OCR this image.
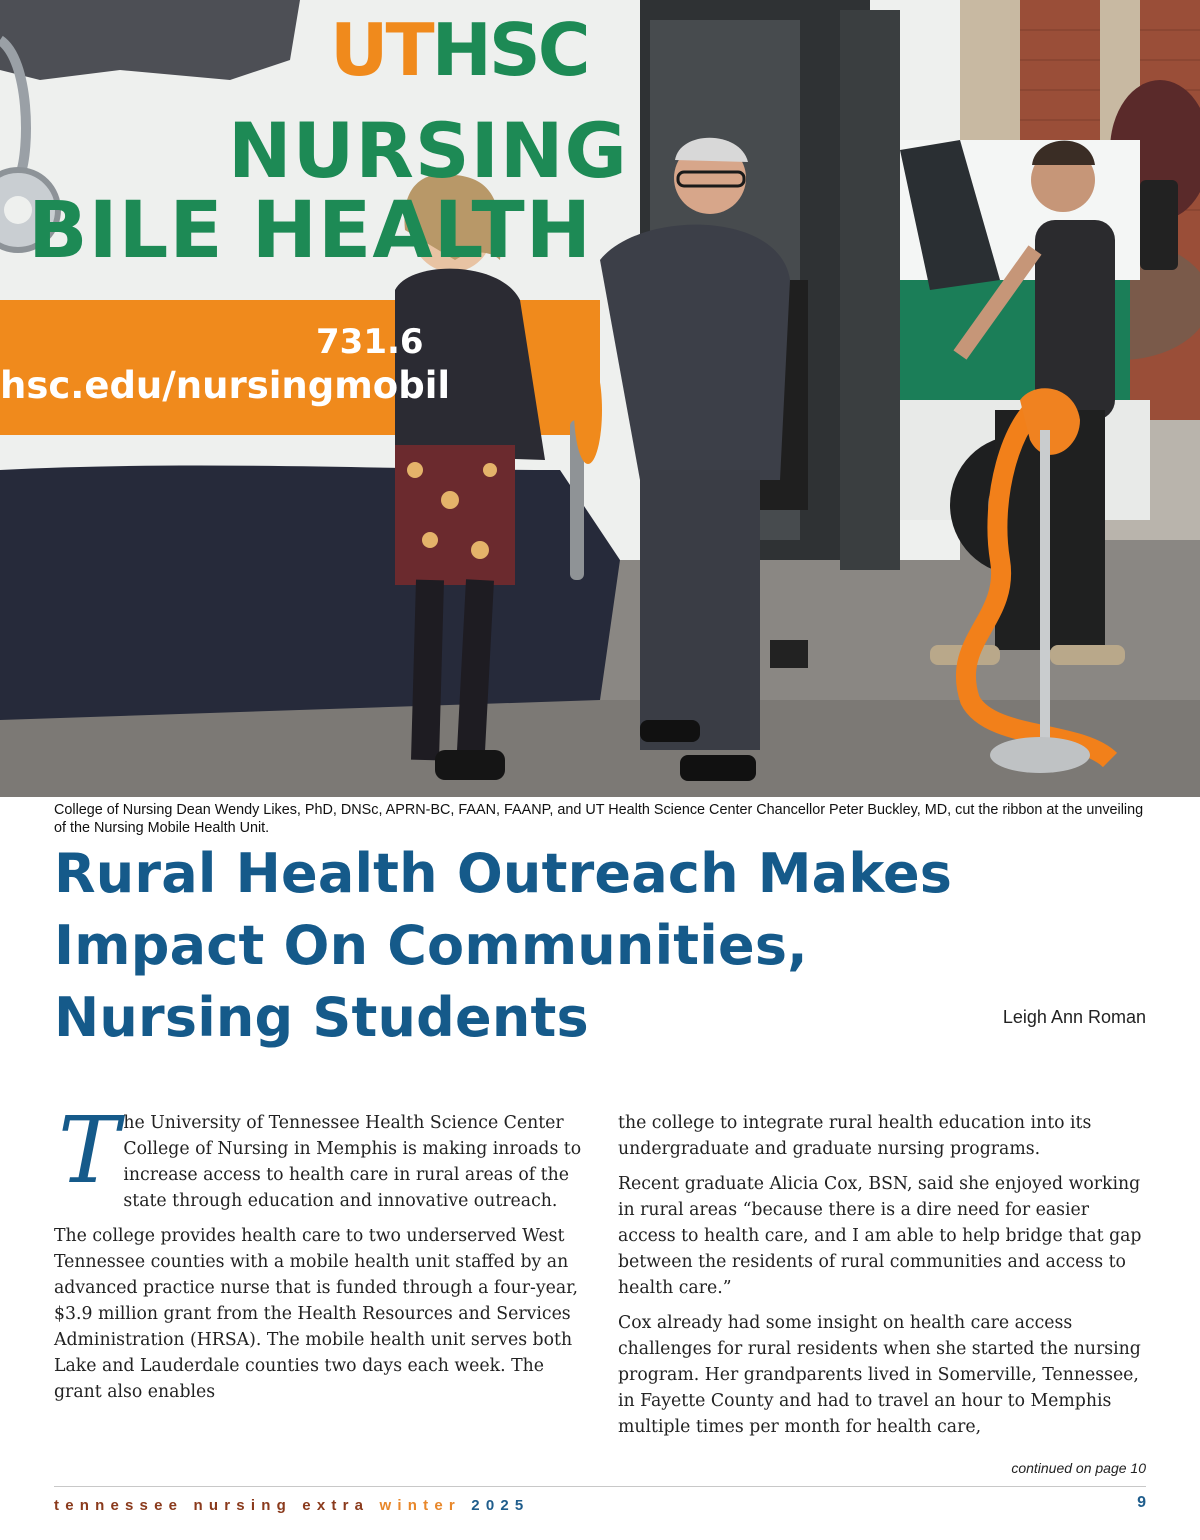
UTHSC
NURSING
BILE HEALTH
731.6
hsc.edu/nursingmobil
College of Nursing Dean Wendy Likes, PhD, DNSc, APRN-BC, FAAN, FAANP, and UT Health Science Center Chancellor Peter Buckley, MD, cut the ribbon at the unveiling of the Nursing Mobile Health Unit.
Rural Health Outreach Makes Impact On Communities, Nursing Students	Leigh Ann Roman

The University of Tennessee Health Science Center College of Nursing in Memphis is making inroads to increase access to health care in rural areas of the state through education and innovative outreach.

The college provides health care to two underserved West Tennessee counties with a mobile health unit staffed by an advanced practice nurse that is funded through a four-year, $3.9 million grant from the Health Resources and Services Administration (HRSA). The mobile health unit serves both Lake and Lauderdale counties two days each week. The grant also enables

the college to integrate rural health education into its undergraduate and graduate nursing programs.

Recent graduate Alicia Cox, BSN, said she enjoyed working in rural areas “because there is a dire need for easier access to health care, and I am able to help bridge that gap between the residents of rural communities and access to health care.”

Cox already had some insight on health care access challenges for rural residents when she started the nursing program. Her grandparents lived in Somerville, Tennessee, in Fayette County and had to travel an hour to Memphis multiple times per month for health care,

continued on page 10
tennessee nursing extra winter 2025	9
